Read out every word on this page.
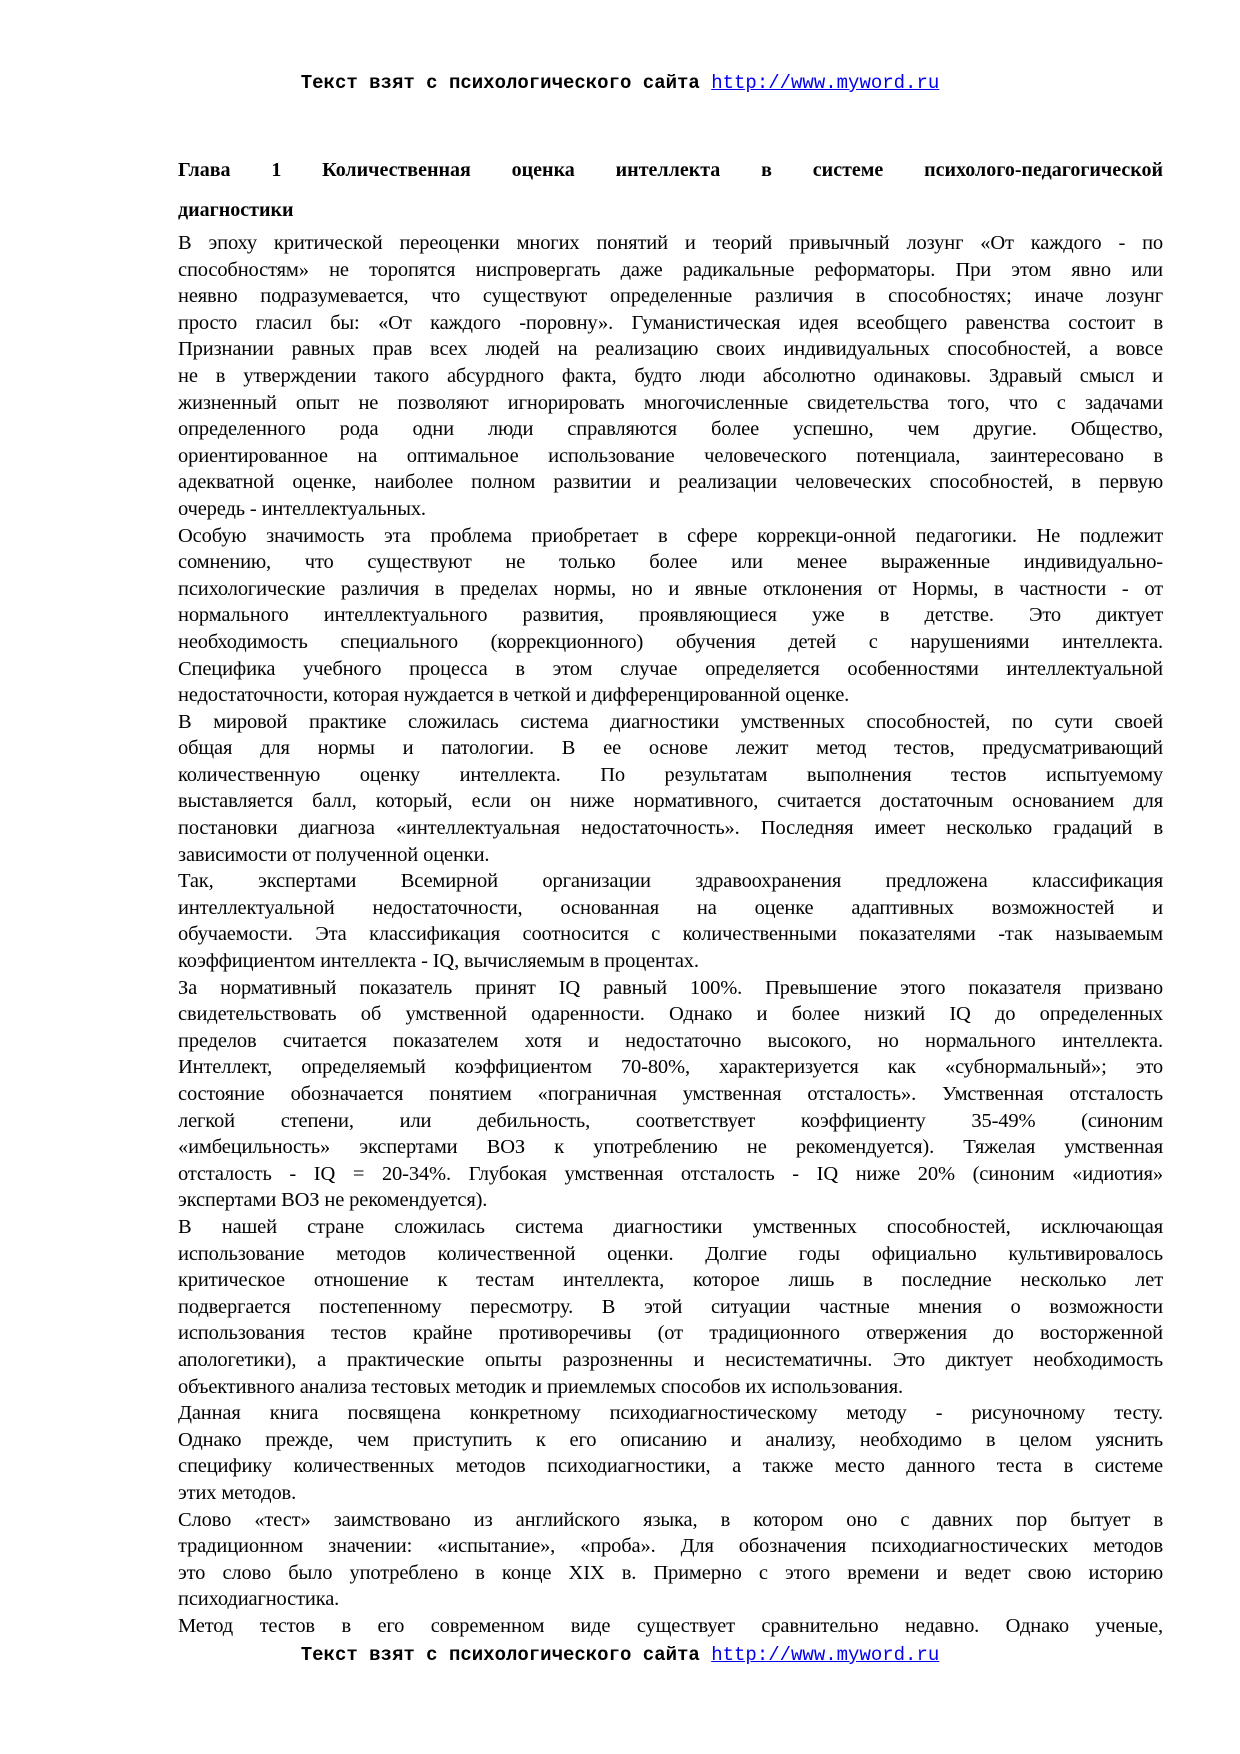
Текст взят с психологического сайта http://www.myword.ru
Глава 1 Количественная оценка интеллекта в системе психолого-педагогической
диагностики
В эпоху критической переоценки многих понятий и теорий привычный лозунг «От каждого - по
способностям» не торопятся ниспровергать даже радикальные реформаторы. При этом явно или
неявно подразумевается, что существуют определенные различия в способностях; иначе лозунг
просто гласил бы: «От каждого -поровну». Гуманистическая идея всеобщего равенства состоит в
Признании равных прав всех людей на реализацию своих индивидуальных способностей, а вовсе
не в утверждении такого абсурдного факта, будто люди абсолютно одинаковы. Здравый смысл и
жизненный опыт не позволяют игнорировать многочисленные свидетельства того, что с задачами
определенного рода одни люди справляются более успешно, чем другие. Общество,
ориентированное на оптимальное использование человеческого потенциала, заинтересовано в
адекватной оценке, наиболее полном развитии и реализации человеческих способностей, в первую
очередь - интеллектуальных.
Особую значимость эта проблема приобретает в сфере коррекци-онной педагогики. Не подлежит
сомнению, что существуют не только более или менее выраженные индивидуально-
психологические различия в пределах нормы, но и явные отклонения от Нормы, в частности - от
нормального интеллектуального развития, проявляющиеся уже в детстве. Это диктует
необходимость специального (коррекционного) обучения детей с нарушениями интеллекта.
Специфика учебного процесса в этом случае определяется особенностями интеллектуальной
недостаточности, которая нуждается в четкой и дифференцированной оценке.
В мировой практике сложилась система диагностики умственных способностей, по сути своей
общая для нормы и патологии. В ее основе лежит метод тестов, предусматривающий
количественную оценку интеллекта. По результатам выполнения тестов испытуемому
выставляется балл, который, если он ниже нормативного, считается достаточным основанием для
постановки диагноза «интеллектуальная недостаточность». Последняя имеет несколько градаций в
зависимости от полученной оценки.
Так, экспертами Всемирной организации здравоохранения предложена классификация
интеллектуальной недостаточности, основанная на оценке адаптивных возможностей и
обучаемости. Эта классификация соотносится с количественными показателями -так называемым
коэффициентом интеллекта - IQ, вычисляемым в процентах.
За нормативный показатель принят IQ равный 100%. Превышение этого показателя призвано
свидетельствовать об умственной одаренности. Однако и более низкий IQ до определенных
пределов считается показателем хотя и недостаточно высокого, но нормального интеллекта.
Интеллект, определяемый коэффициентом 70-80%, характеризуется как «субнормальный»; это
состояние обозначается понятием «пограничная умственная отсталость». Умственная отсталость
легкой степени, или дебильность, соответствует коэффициенту 35-49% (синоним
«имбецильность» экспертами ВОЗ к употреблению не рекомендуется). Тяжелая умственная
отсталость - IQ = 20-34%. Глубокая умственная отсталость - IQ ниже 20% (синоним «идиотия»
экспертами ВОЗ не рекомендуется).
В нашей стране сложилась система диагностики умственных способностей, исключающая
использование методов количественной оценки. Долгие годы официально культивировалось
критическое отношение к тестам интеллекта, которое лишь в последние несколько лет
подвергается постепенному пересмотру. В этой ситуации частные мнения о возможности
использования тестов крайне противоречивы (от традиционного отвержения до восторженной
апологетики), а практические опыты разрозненны и несистематичны. Это диктует необходимость
объективного анализа тестовых методик и приемлемых способов их использования.
Данная книга посвящена конкретному психодиагностическому методу - рисуночному тесту.
Однако прежде, чем приступить к его описанию и анализу, необходимо в целом уяснить
специфику количественных методов психодиагностики, а также место данного теста в системе
этих методов.
Слово «тест» заимствовано из английского языка, в котором оно с давних пор бытует в
традиционном значении: «испытание», «проба». Для обозначения психодиагностических методов
это слово было употреблено в конце XIX в. Примерно с этого времени и ведет свою историю
психодиагностика.
Метод тестов в его современном виде существует сравнительно недавно. Однако ученые,
Текст взят с психологического сайта http://www.myword.ru
